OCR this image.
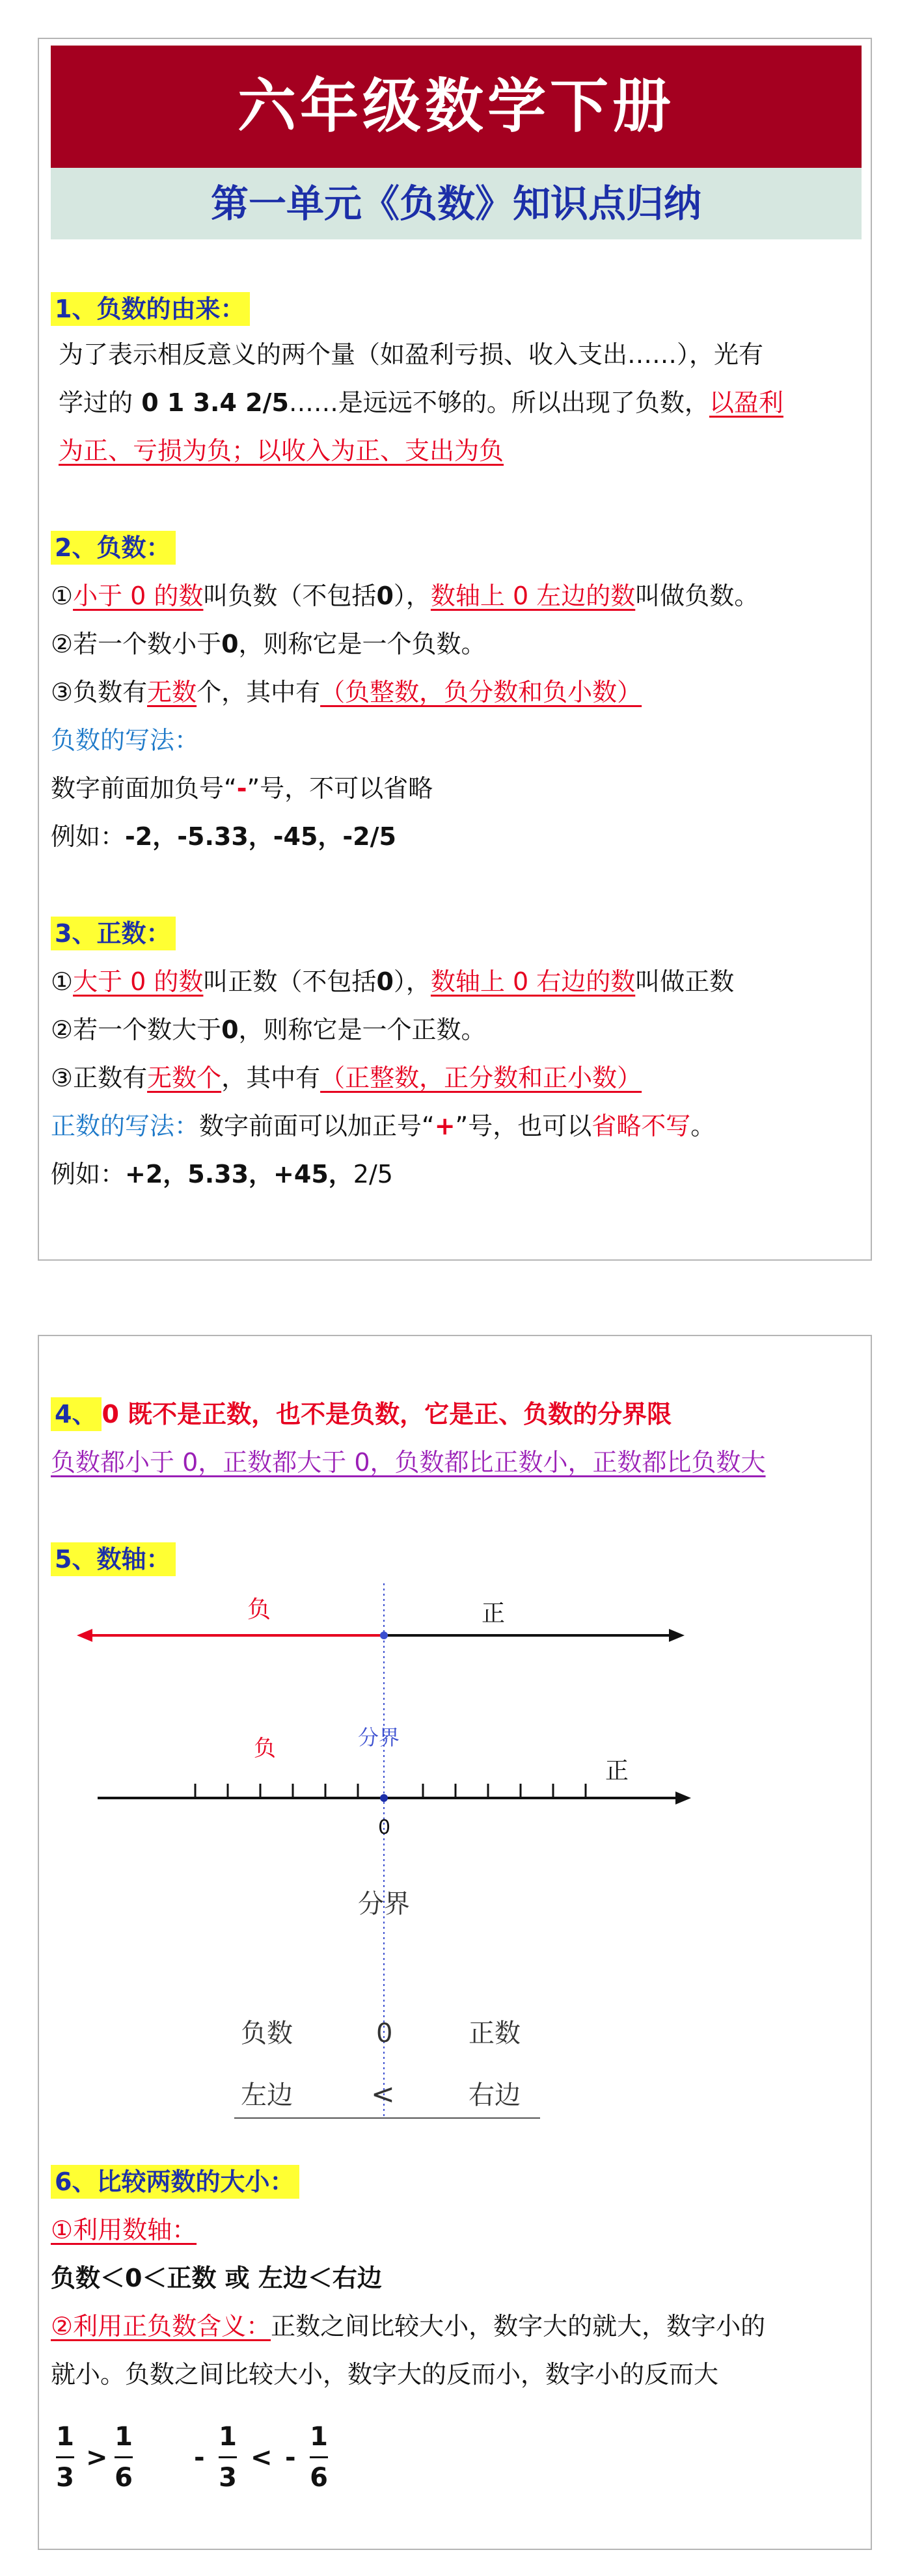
六年级数学下册
第一单元《负数》知识点归纳
1、负数的由来：
为了表示相反意义的两个量（如盈利亏损、收入支出……），光有
学过的 0 1 3.4 2/5……是远远不够的。所以出现了负数，以盈利
为正、亏损为负；以收入为正、支出为负
2、负数：
①小于 0 的数叫负数（不包括0），数轴上 0 左边的数叫做负数。
②若一个数小于0，则称它是一个负数。
③负数有无数个，其中有（负整数，负分数和负小数）
负数的写法：
数字前面加负号“-”号，不可以省略
例如：-2，-5.33，-45，-2/5
3、正数：
①大于 0 的数叫正数（不包括0），数轴上 0 右边的数叫做正数
②若一个数大于0，则称它是一个正数。
③正数有无数个，其中有（正整数，正分数和正小数）
正数的写法：数字前面可以加正号“+”号，也可以省略不写。
例如：+2，5.33，+45，2/5
4、 0 既不是正数，也不是负数，它是正、负数的分界限
负数都小于 0，正数都大于 0，负数都比正数小，正数都比负数大
5、数轴：
负	正
分界
负
正
0
分界
负数	0	正数
左边	<	右边
6、比较两数的大小：
①利用数轴：
负数＜0＜正数 或 左边＜右边
②利用正负数含义：正数之间比较大小，数字大的就大，数字小的
就小。负数之间比较大小，数字大的反而小，数字小的反而大
1
3
>
1
6
-
1
3
< -
1
6
